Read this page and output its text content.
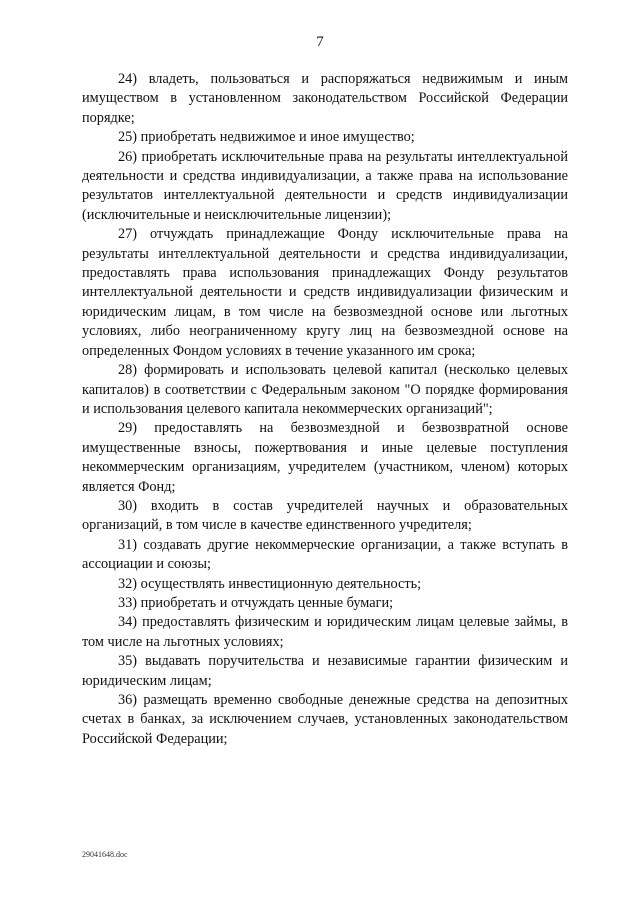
7

24) владеть, пользоваться и распоряжаться недвижимым и иным имуществом в установленном законодательством Российской Федерации порядке;

25) приобретать недвижимое и иное имущество;

26) приобретать исключительные права на результаты интеллектуальной деятельности и средства индивидуализации, а также права на использование результатов интеллектуальной деятельности и средств индивидуализации (исключительные и неисключительные лицензии);

27) отчуждать принадлежащие Фонду исключительные права на результаты интеллектуальной деятельности и средства индивидуализации, предоставлять права использования принадлежащих Фонду результатов интеллектуальной деятельности и средств индивидуализации физическим и юридическим лицам, в том числе на безвозмездной основе или льготных условиях, либо неограниченному кругу лиц на безвозмездной основе на определенных Фондом условиях в течение указанного им срока;

28) формировать и использовать целевой капитал (несколько целевых капиталов) в соответствии с Федеральным законом "О порядке формирования и использования целевого капитала некоммерческих организаций";

29) предоставлять на безвозмездной и безвозвратной основе имущественные взносы, пожертвования и иные целевые поступления некоммерческим организациям, учредителем (участником, членом) которых является Фонд;

30) входить в состав учредителей научных и образовательных организаций, в том числе в качестве единственного учредителя;

31) создавать другие некоммерческие организации, а также вступать в ассоциации и союзы;

32) осуществлять инвестиционную деятельность;

33) приобретать и отчуждать ценные бумаги;

34) предоставлять физическим и юридическим лицам целевые займы, в том числе на льготных условиях;

35) выдавать поручительства и независимые гарантии физическим и юридическим лицам;

36) размещать временно свободные денежные средства на депозитных счетах в банках, за исключением случаев, установленных законодательством Российской Федерации;

29041648.doc
